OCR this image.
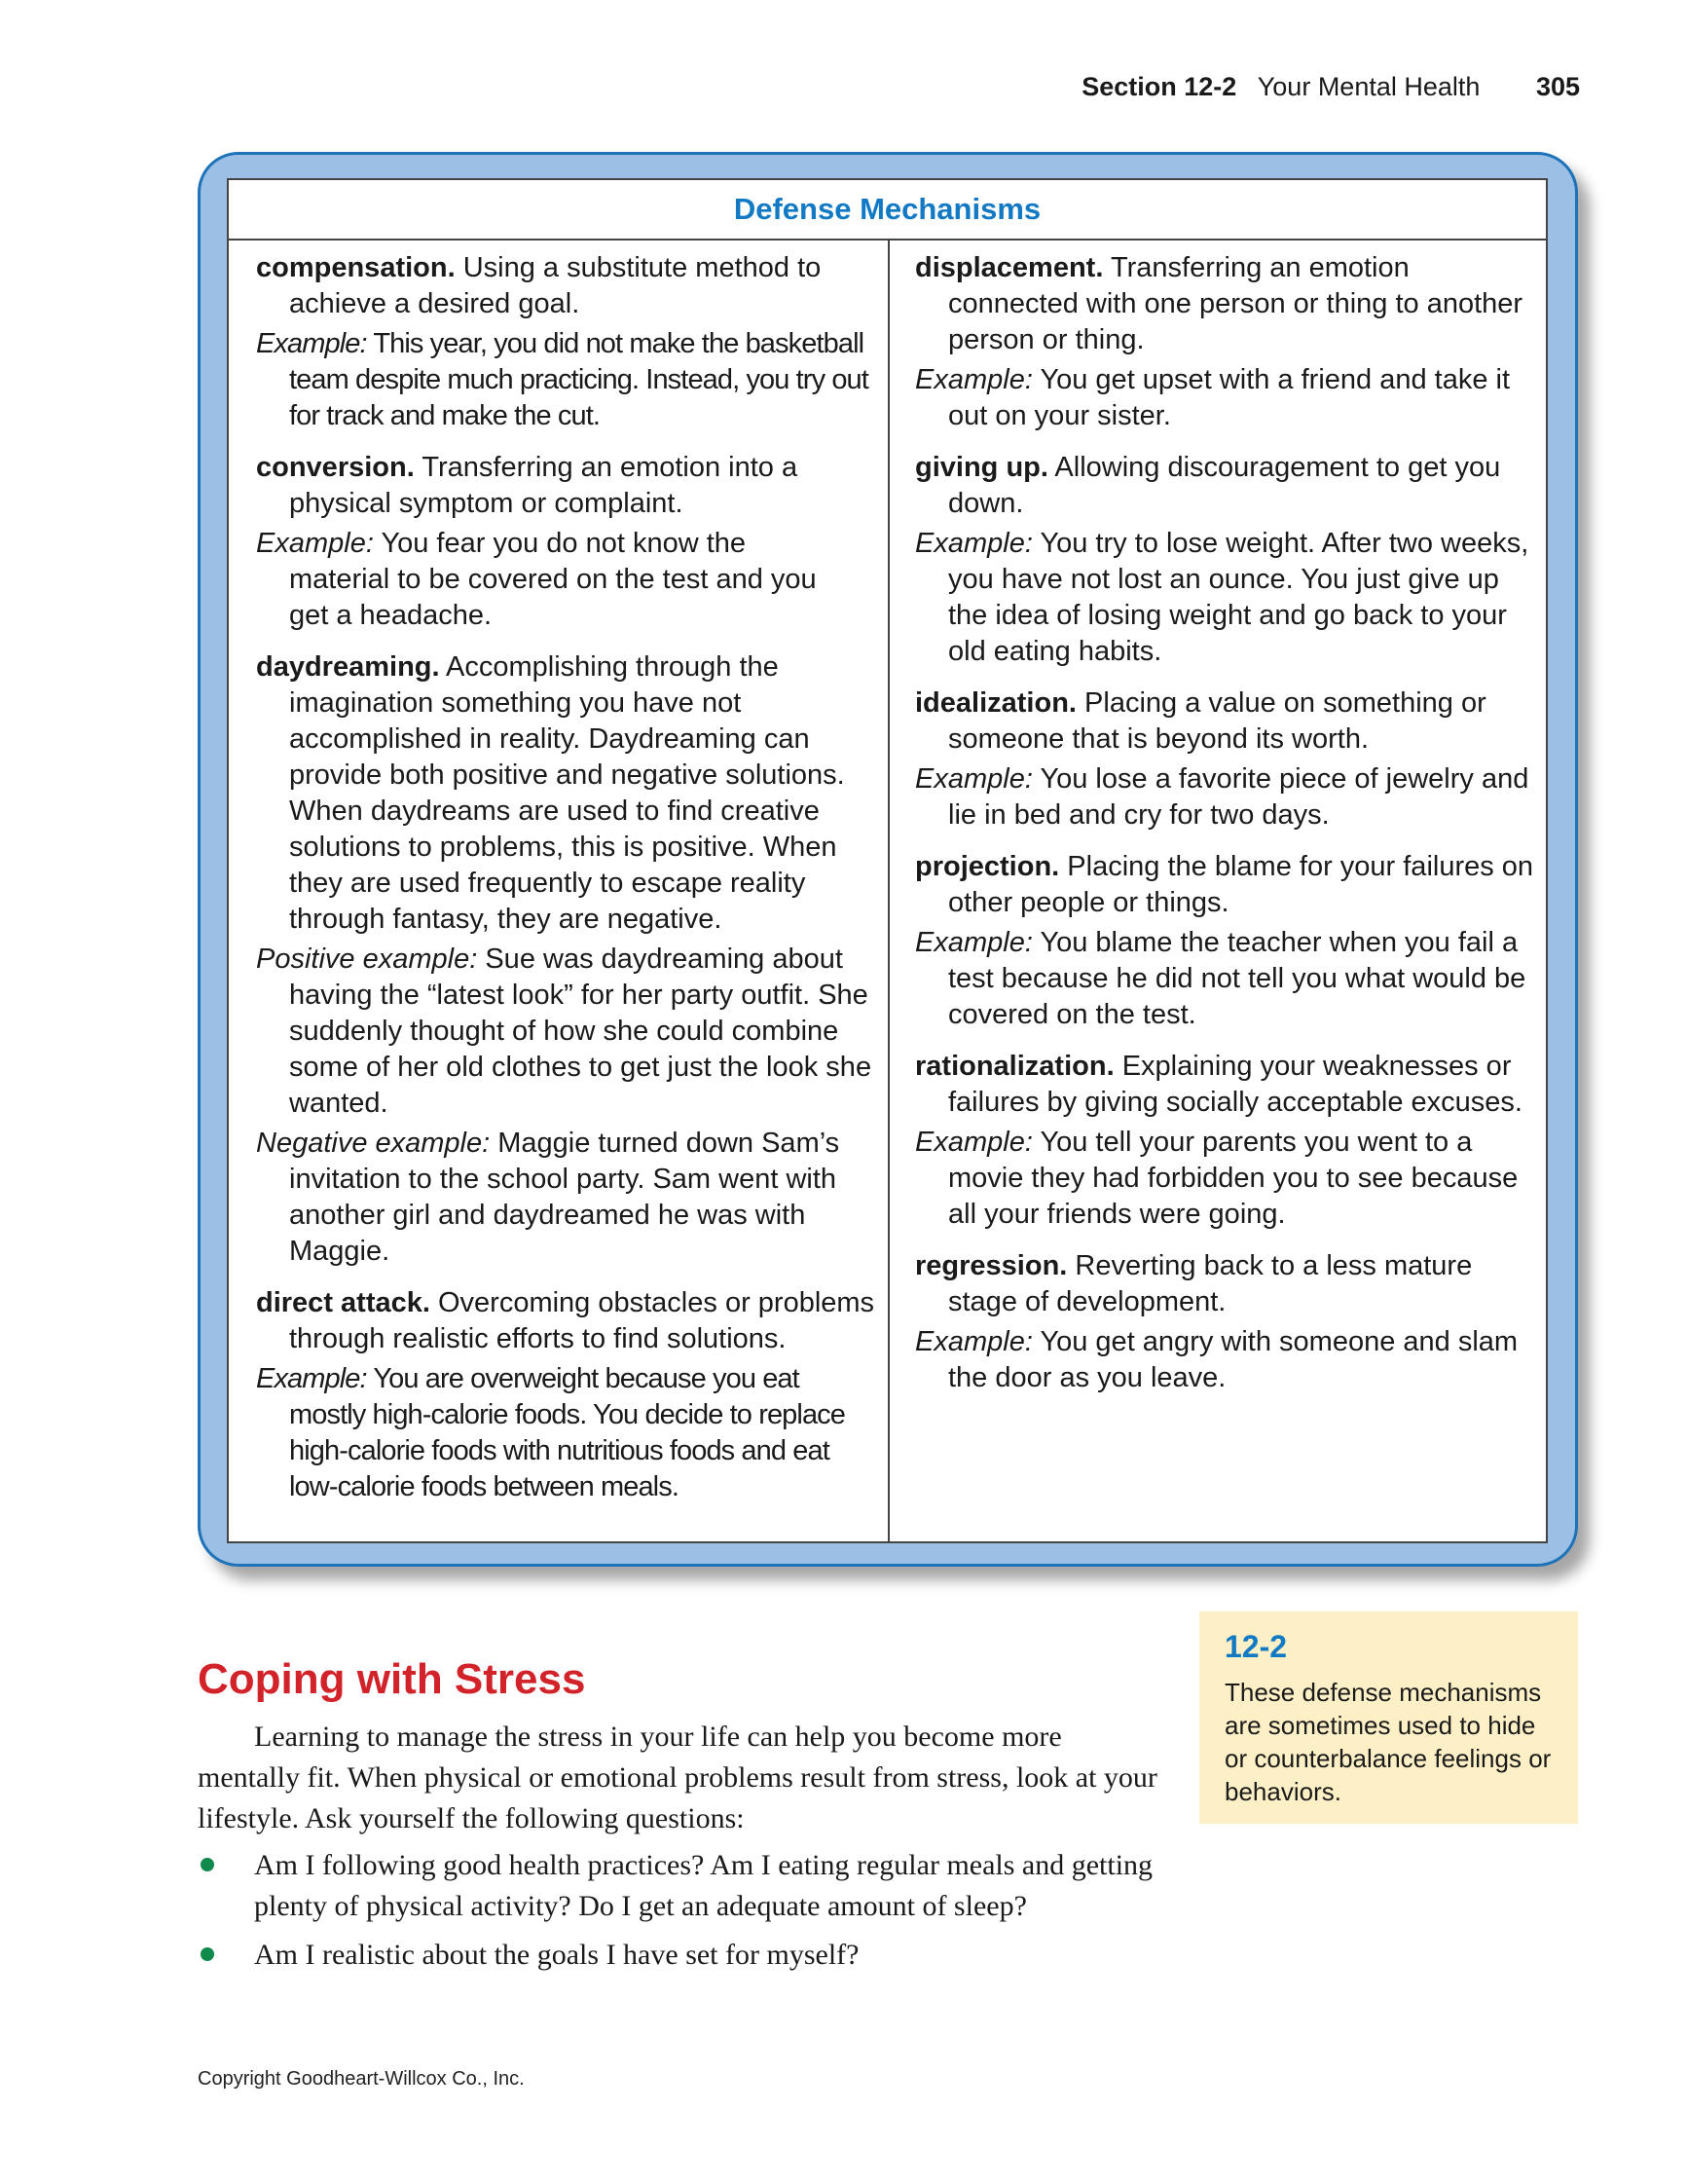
Section 12-2 Your Mental Health 305
Defense Mechanisms
compensation. Using a substitute method to achieve a desired goal.
Example: This year, you did not make the basketball team despite much practicing. Instead, you try out for track and make the cut.
conversion. Transferring an emotion into a physical symptom or complaint.
Example: You fear you do not know the material to be covered on the test and you get a headache.
daydreaming. Accomplishing through the imagination something you have not accomplished in reality. Daydreaming can provide both positive and negative solutions. When daydreams are used to find creative solutions to problems, this is positive. When they are used frequently to escape reality through fantasy, they are negative.
Positive example: Sue was daydreaming about having the “latest look” for her party outfit. She suddenly thought of how she could combine some of her old clothes to get just the look she wanted.
Negative example: Maggie turned down Sam’s invitation to the school party. Sam went with another girl and daydreamed he was with Maggie.
direct attack. Overcoming obstacles or problems through realistic efforts to find solutions.
Example: You are overweight because you eat mostly high-calorie foods. You decide to replace high-calorie foods with nutritious foods and eat low-calorie foods between meals.
displacement. Transferring an emotion connected with one person or thing to another person or thing.
Example: You get upset with a friend and take it out on your sister.
giving up. Allowing discouragement to get you down.
Example: You try to lose weight. After two weeks, you have not lost an ounce. You just give up the idea of losing weight and go back to your old eating habits.
idealization. Placing a value on something or someone that is beyond its worth.
Example: You lose a favorite piece of jewelry and lie in bed and cry for two days.
projection. Placing the blame for your failures on other people or things.
Example: You blame the teacher when you fail a test because he did not tell you what would be covered on the test.
rationalization. Explaining your weaknesses or failures by giving socially acceptable excuses.
Example: You tell your parents you went to a movie they had forbidden you to see because all your friends were going.
regression. Reverting back to a less mature stage of development.
Example: You get angry with someone and slam the door as you leave.
Coping with Stress

Learning to manage the stress in your life can help you become more mentally fit. When physical or emotional problems result from stress, look at your lifestyle. Ask yourself the following questions:

Am I following good health practices? Am I eating regular meals and getting plenty of physical activity? Do I get an adequate amount of sleep?
Am I realistic about the goals I have set for myself?
12-2
These defense mechanisms are sometimes used to hide or counterbalance feelings or behaviors.
Copyright Goodheart-Willcox Co., Inc.
